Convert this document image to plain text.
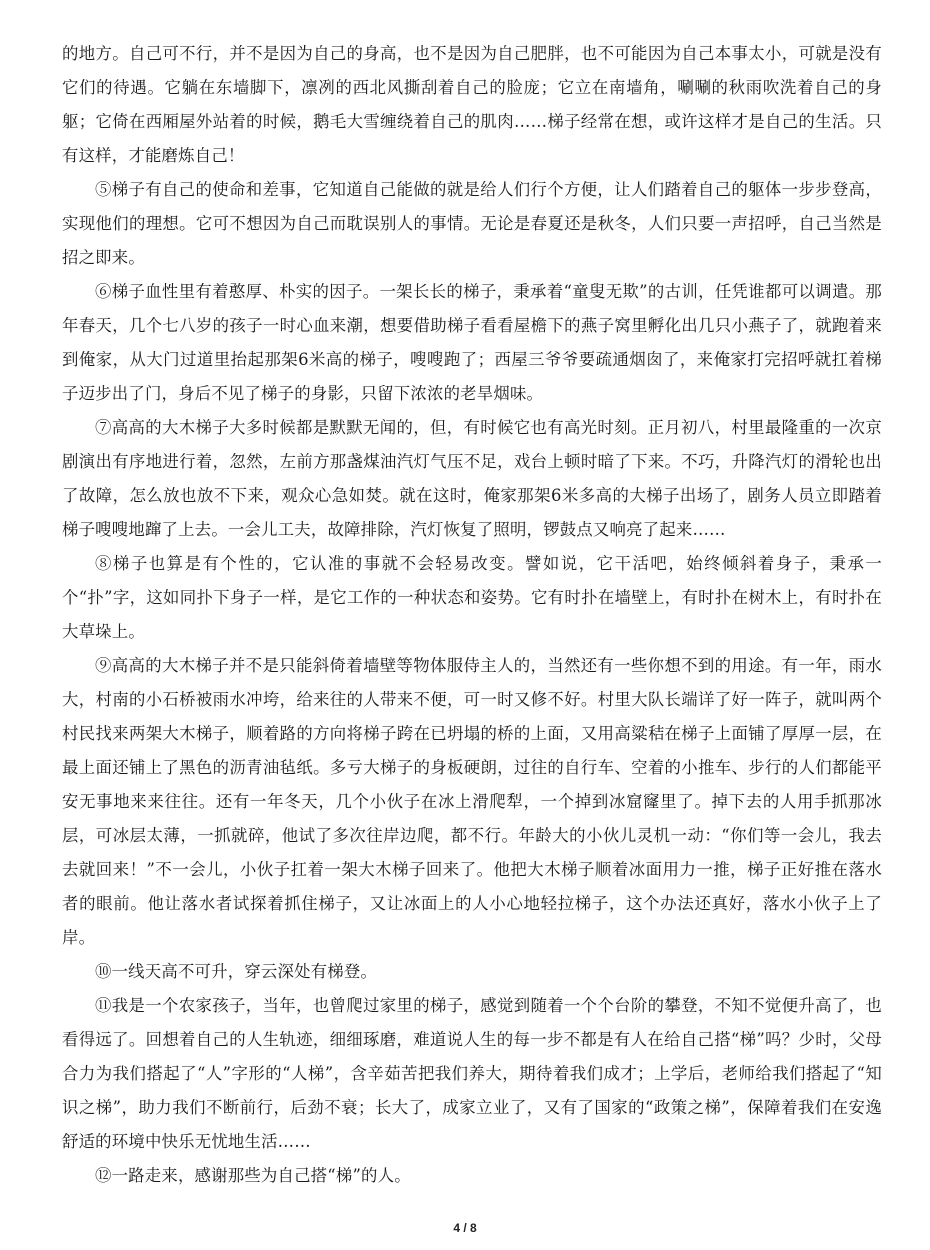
的地方。自己可不行，并不是因为自己的身高，也不是因为自己肥胖，也不可能因为自己本事太小，可就是没有它们的待遇。它躺在东墙脚下，凛冽的西北风撕刮着自己的脸庞；它立在南墙角，唰唰的秋雨吹洗着自己的身躯；它倚在西厢屋外站着的时候，鹅毛大雪缠绕着自己的肌肉……梯子经常在想，或许这样才是自己的生活。只有这样，才能磨炼自己！

⑤梯子有自己的使命和差事，它知道自己能做的就是给人们行个方便，让人们踏着自己的躯体一步步登高，实现他们的理想。它可不想因为自己而耽误别人的事情。无论是春夏还是秋冬，人们只要一声招呼，自己当然是招之即来。

⑥梯子血性里有着憨厚、朴实的因子。一架长长的梯子，秉承着“童叟无欺”的古训，任凭谁都可以调遣。那年春天，几个七八岁的孩子一时心血来潮，想要借助梯子看看屋檐下的燕子窝里孵化出几只小燕子了，就跑着来到俺家，从大门过道里抬起那架6米高的梯子，嗖嗖跑了；西屋三爷爷要疏通烟囱了，来俺家打完招呼就扛着梯子迈步出了门，身后不见了梯子的身影，只留下浓浓的老旱烟味。

⑦高高的大木梯子大多时候都是默默无闻的，但，有时候它也有高光时刻。正月初八，村里最隆重的一次京剧演出有序地进行着，忽然，左前方那盏煤油汽灯气压不足，戏台上顿时暗了下来。不巧，升降汽灯的滑轮也出了故障，怎么放也放不下来，观众心急如焚。就在这时，俺家那架6米多高的大梯子出场了，剧务人员立即踏着梯子嗖嗖地蹿了上去。一会儿工夫，故障排除，汽灯恢复了照明，锣鼓点又响亮了起来……

⑧梯子也算是有个性的，它认准的事就不会轻易改变。譬如说，它干活吧，始终倾斜着身子，秉承一个“扑”字，这如同扑下身子一样，是它工作的一种状态和姿势。它有时扑在墙壁上，有时扑在树木上，有时扑在大草垛上。

⑨高高的大木梯子并不是只能斜倚着墙壁等物体服侍主人的，当然还有一些你想不到的用途。有一年，雨水大，村南的小石桥被雨水冲垮，给来往的人带来不便，可一时又修不好。村里大队长端详了好一阵子，就叫两个村民找来两架大木梯子，顺着路的方向将梯子跨在已坍塌的桥的上面，又用高粱秸在梯子上面铺了厚厚一层，在最上面还铺上了黑色的沥青油毡纸。多亏大梯子的身板硬朗，过往的自行车、空着的小推车、步行的人们都能平安无事地来来往往。还有一年冬天，几个小伙子在冰上滑爬犁，一个掉到冰窟窿里了。掉下去的人用手抓那冰层，可冰层太薄，一抓就碎，他试了多次往岸边爬，都不行。年龄大的小伙儿灵机一动：“你们等一会儿，我去去就回来！”不一会儿，小伙子扛着一架大木梯子回来了。他把大木梯子顺着冰面用力一推，梯子正好推在落水者的眼前。他让落水者试探着抓住梯子，又让冰面上的人小心地轻拉梯子，这个办法还真好，落水小伙子上了岸。

⑩一线天高不可升，穿云深处有梯登。

⑪我是一个农家孩子，当年，也曾爬过家里的梯子，感觉到随着一个个台阶的攀登，不知不觉便升高了，也看得远了。回想着自己的人生轨迹，细细琢磨，难道说人生的每一步不都是有人在给自己搭“梯”吗？少时，父母合力为我们搭起了“人”字形的“人梯”，含辛茹苦把我们养大，期待着我们成才；上学后，老师给我们搭起了“知识之梯”，助力我们不断前行，后劲不衰；长大了，成家立业了，又有了国家的“政策之梯”，保障着我们在安逸舒适的环境中快乐无忧地生活……

⑫一路走来，感谢那些为自己搭“梯”的人。

4 / 8
